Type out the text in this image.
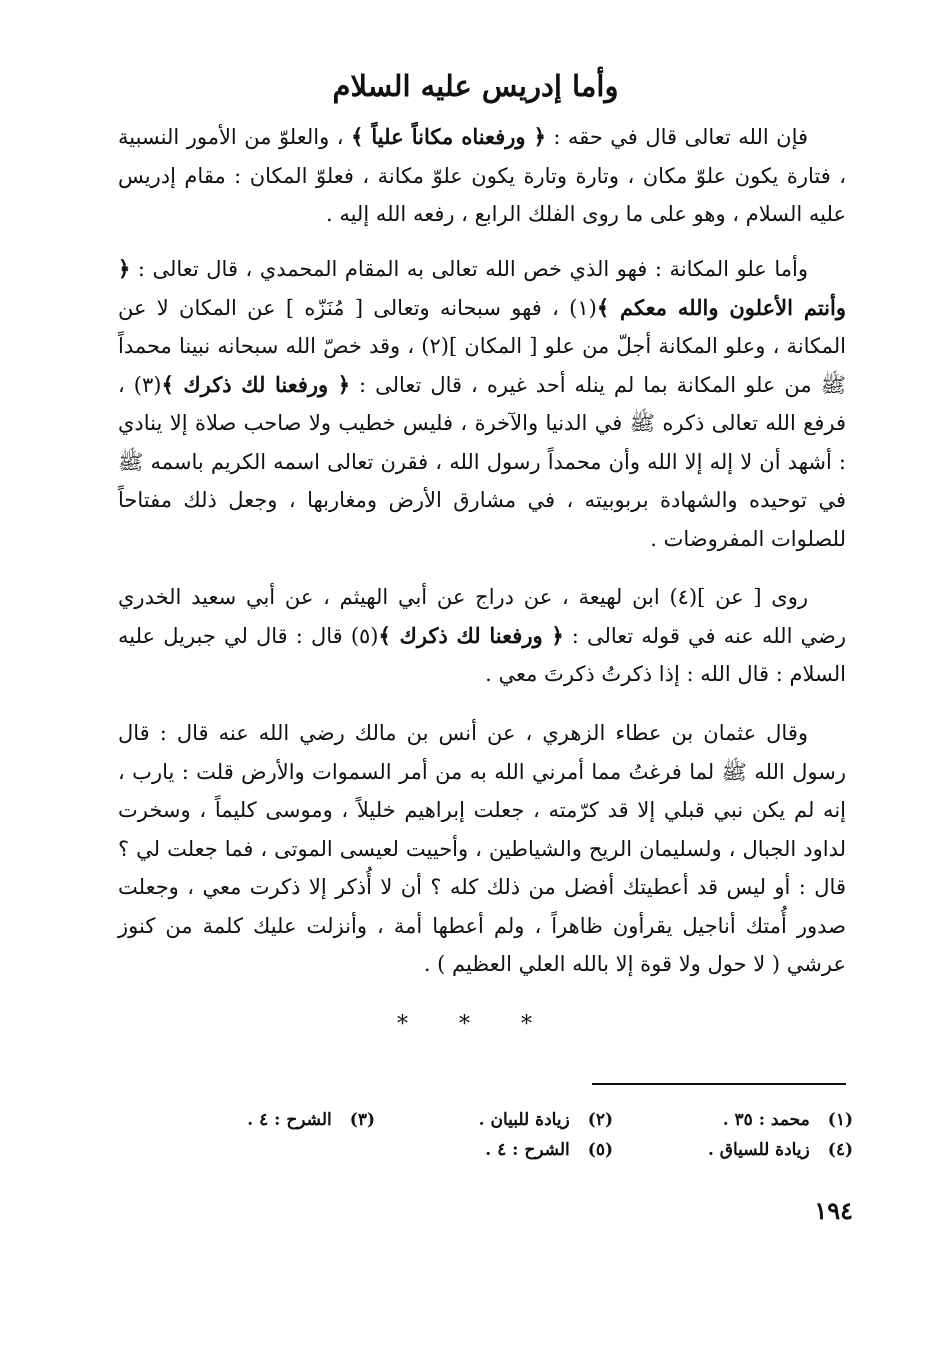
وأما إدريس عليه السلام

فإن الله تعالى قال في حقه : ﴿ ورفعناه مكاناً علياً ﴾ ، والعلوّ من الأمور النسبية ، فتارة يكون علوّ مكان ، وتارة وتارة يكون علوّ مكانة ، فعلوّ المكان : مقام إدريس عليه السلام ، وهو على ما روى الفلك الرابع ، رفعه الله إليه .

وأما علو المكانة : فهو الذي خص الله تعالى به المقام المحمدي ، قال تعالى : ﴿ وأنتم الأعلون والله معكم ﴾(١) ، فهو سبحانه وتعالى [ مُنَزّه ] عن المكان لا عن المكانة ، وعلو المكانة أجلّ من علو [ المكان ](٢) ، وقد خصّ الله سبحانه نبينا محمداً ﷺ من علو المكانة بما لم ينله أحد غيره ، قال تعالى : ﴿ ورفعنا لك ذكرك ﴾(٣) ، فرفع الله تعالى ذكره ﷺ في الدنيا والآخرة ، فليس خطيب ولا صاحب صلاة إلا ينادي : أشهد أن لا إله إلا الله وأن محمداً رسول الله ، فقرن تعالى اسمه الكريم باسمه ﷺ في توحيده والشهادة بربوبيته ، في مشارق الأرض ومغاربها ، وجعل ذلك مفتاحاً للصلوات المفروضات .

روى [ عن ](٤) ابن لهيعة ، عن دراج عن أبي الهيثم ، عن أبي سعيد الخدري رضي الله عنه في قوله تعالى : ﴿ ورفعنا لك ذكرك ﴾(٥) قال : قال لي جبريل عليه السلام : قال الله : إذا ذكرتُ ذكرتَ معي .

وقال عثمان بن عطاء الزهري ، عن أنس بن مالك رضي الله عنه قال : قال رسول الله ﷺ لما فرغتُ مما أمرني الله به من أمر السموات والأرض قلت : يارب ، إنه لم يكن نبي قبلي إلا قد كرّمته ، جعلت إبراهيم خليلاً ، وموسى كليماً ، وسخرت لداود الجبال ، ولسليمان الريح والشياطين ، وأحييت لعيسى الموتى ، فما جعلت لي ؟ قال : أو ليس قد أعطيتك أفضل من ذلك كله ؟ أن لا أُذكر إلا ذكرت معي ، وجعلت صدور أُمتك أناجيل يقرأون ظاهراً ، ولم أعطها أمة ، وأنزلت عليك كلمة من كنوز عرشي ( لا حول ولا قوة إلا بالله العلي العظيم ) .

* * *
(١)محمد : ٣٥ .
(٢)زيادة للبيان .
(٣)الشرح : ٤ .
(٤)زيادة للسياق .
(٥)الشرح : ٤ .
١٩٤
